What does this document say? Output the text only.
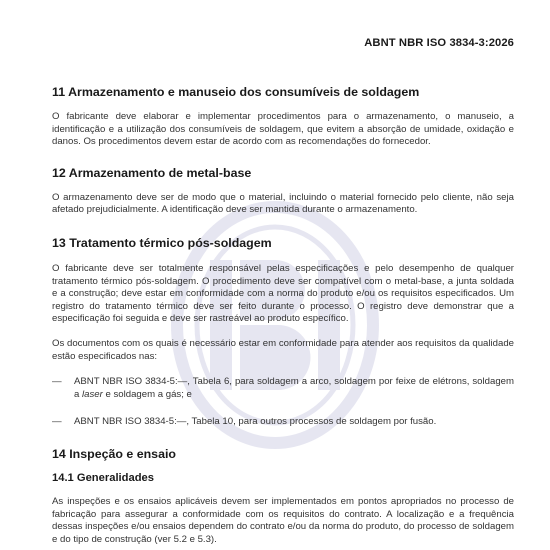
ABNT NBR ISO 3834-3:2026
11 Armazenamento e manuseio dos consumíveis de soldagem

O fabricante deve elaborar e implementar procedimentos para o armazenamento, o manuseio, a identificação e a utilização dos consumíveis de soldagem, que evitem a absorção de umidade, oxidação e danos. Os procedimentos devem estar de acordo com as recomendações do fornecedor.

12 Armazenamento de metal-base

O armazenamento deve ser de modo que o material, incluindo o material fornecido pelo cliente, não seja afetado prejudicialmente. A identificação deve ser mantida durante o armazenamento.

13 Tratamento térmico pós-soldagem

O fabricante deve ser totalmente responsável pelas especificações e pelo desempenho de qualquer tratamento térmico pós-soldagem. O procedimento deve ser compatível com o metal-base, a junta soldada e a construção; deve estar em conformidade com a norma do produto e/ou os requisitos especificados. Um registro do tratamento térmico deve ser feito durante o processo. O registro deve demonstrar que a especificação foi seguida e deve ser rastreável ao produto específico.

Os documentos com os quais é necessário estar em conformidade para atender aos requisitos da qualidade estão especificados nas:

—	ABNT NBR ISO 3834-5:—, Tabela 6, para soldagem a arco, soldagem por feixe de elétrons, soldagem a laser e soldagem a gás; e
—	ABNT NBR ISO 3834-5:—, Tabela 10, para outros processos de soldagem por fusão.
14 Inspeção e ensaio
14.1 Generalidades

As inspeções e os ensaios aplicáveis devem ser implementados em pontos apropriados no processo de fabricação para assegurar a conformidade com os requisitos do contrato. A localização e a frequência dessas inspeções e/ou ensaios dependem do contrato e/ou da norma do produto, do processo de soldagem e do tipo de construção (ver 5.2 e 5.3).
